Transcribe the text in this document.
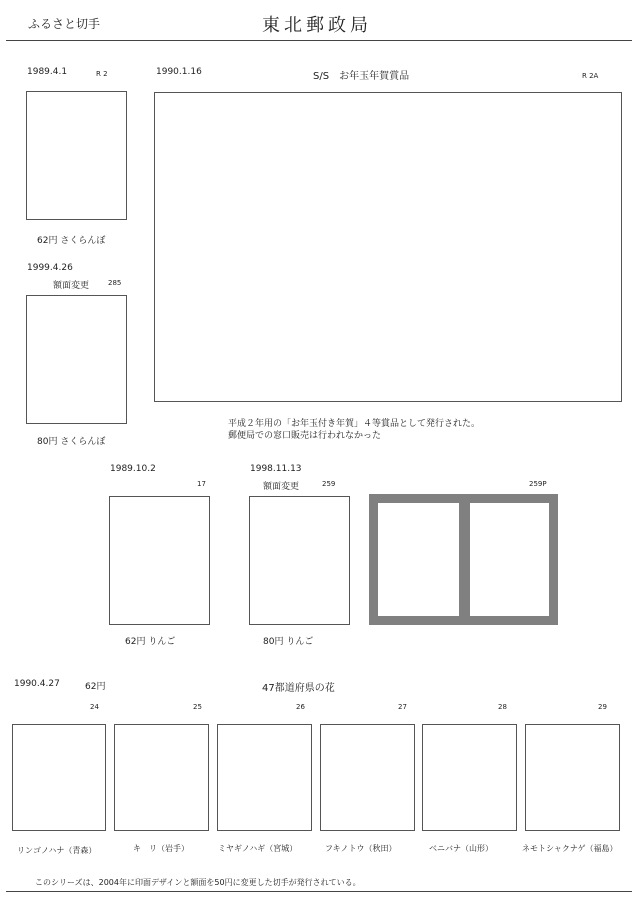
ふるさと切手	東北郵政局
1989.4.1	R 2
62円 さくらんぼ
1999.4.26
額面変更	285
80円 さくらんぼ
1990.1.16	S/S　お年玉年賀賞品	R 2A
平成２年用の「お年玉付き年賀」４等賞品として発行された。
郵便局での窓口販売は行われなかった
1989.10.2
17
62円 りんご
1998.11.13
額面変更	259
80円 りんご
259P
1990.4.27	62円	47都道府県の花
24	25	26	27	28	29
リンゴノハナ（青森）	キ　リ（岩手）	ミヤギノハギ（宮城）	フキノトウ（秋田）	ベニバナ（山形）	ネモトシャクナゲ（福島）
このシリーズは、2004年に印面デザインと額面を50円に変更した切手が発行されている。
